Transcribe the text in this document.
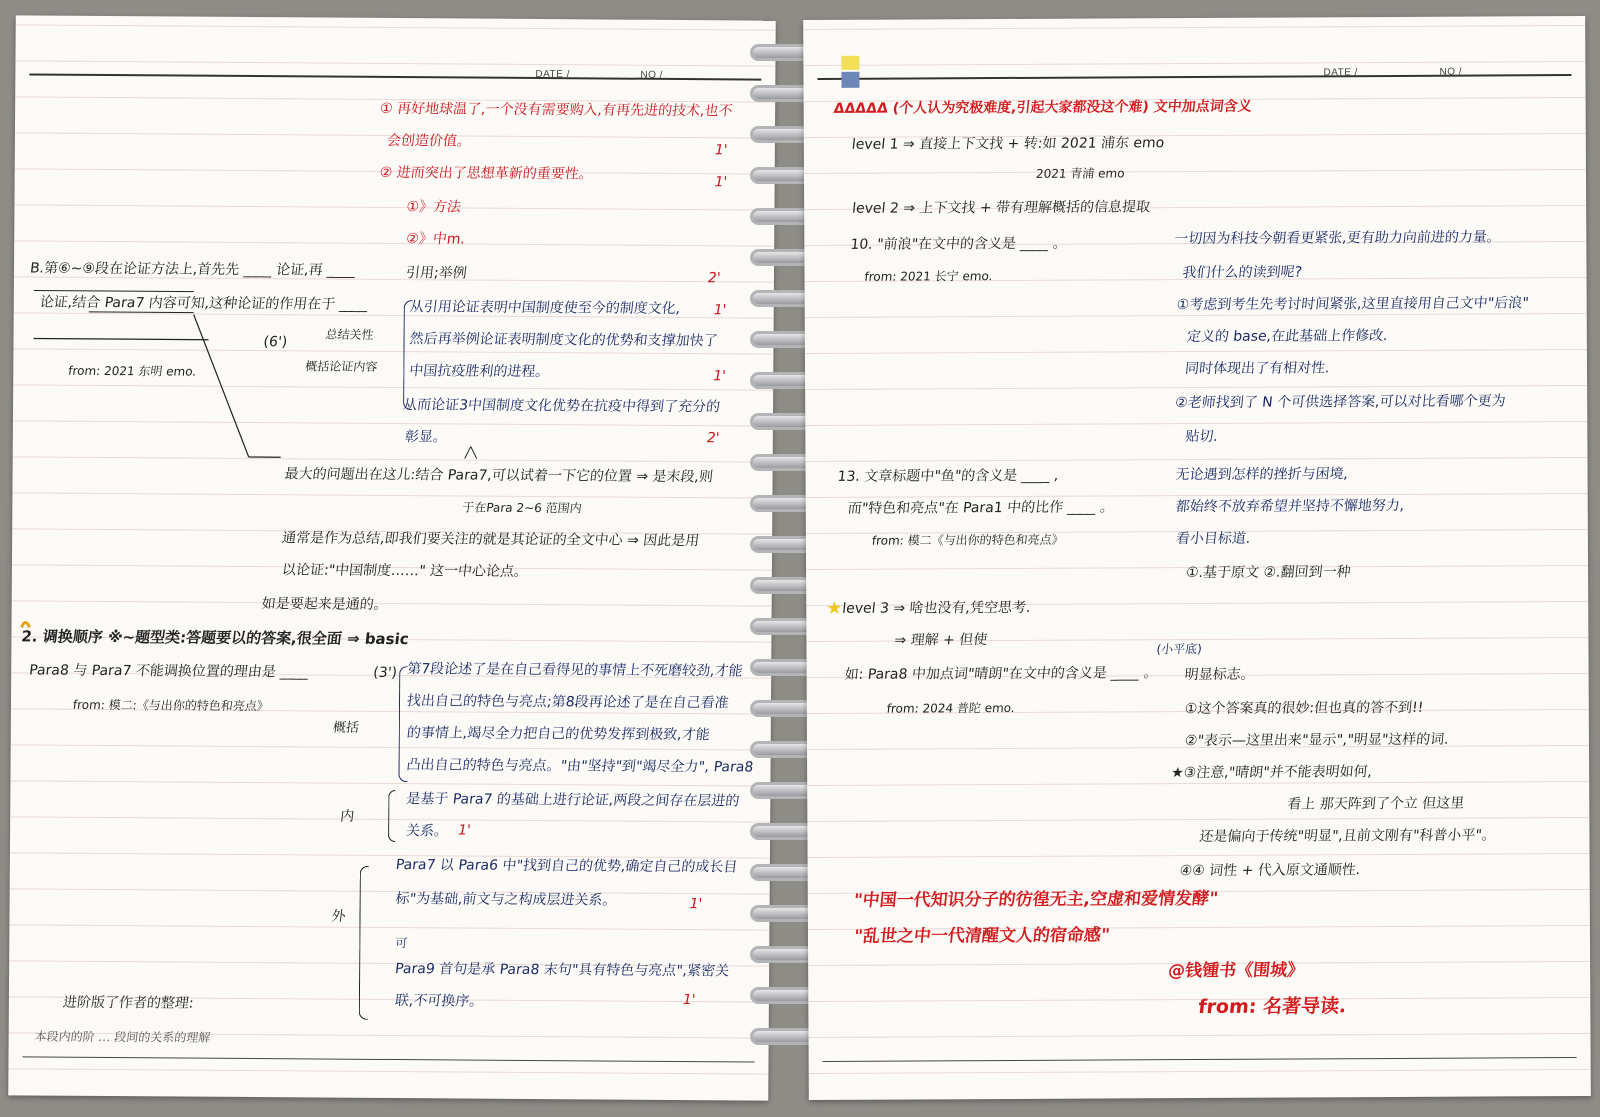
DATE /	NO /
① 再好地球温了,一个没有需要购入,有再先进的技术,也不
会创造价值。
1'
② 进而突出了思想革新的重要性。	1'
①》方法
②》中m.
B.第⑥~⑨段在论证方法上,首先先 ____ 论证,再 ____	引用;举例	2'
论证,结合 Para7 内容可知,这种论证的作用在于 ____	从引用论证表明中国制度使至今的制度文化, 1'
然后再举例论证表明制度文化的优势和支撑加快了
中国抗疫胜利的进程。	1'
从而论证3中国制度文化优势在抗疫中得到了充分的
彰显。	2'
总结关性
概括论证内容
(6')
from: 2021 东明 emo.
最大的问题出在这儿:结合 Para7,可以试着一下它的位置 ⇒ 是末段,则
于在Para 2~6 范围内
通常是作为总结,即我们要关注的就是其论证的全文中心 ⇒ 因此是用
以论证:"中国制度……" 这一中心论点。
如是要起来是通的。
2. 调换顺序 ※~题型类:答题要以的答案,很全面 ⇒ basic
Para8 与 Para7 不能调换位置的理由是 ____	(3') 第7段论述了是在自己看得见的事情上不死磨较劲,才能
找出自己的特色与亮点;第8段再论述了是在自己看准
的事情上,竭尽全力把自己的优势发挥到极致,才能
凸出自己的特色与亮点。"由"坚持"到"竭尽全力", Para8
是基于 Para7 的基础上进行论证,两段之间存在层进的
关系。 1'
from: 模二:《与出你的特色和亮点》
概括
内
外
Para7 以 Para6 中"找到自己的优势,确定自己的成长目
标"为基础,前文与之构成层进关系。	1'
可
Para9 首句是承 Para8 末句"具有特色与亮点",紧密关
联,不可换序。	1'
进阶版了作者的整理:
本段内的阶 … 段间的关系的理解
DATE /	NO /
ΔΔΔΔΔ (个人认为究极难度,引起大家都没这个难) 文中加点词含义
level 1 ⇒ 直接上下文找 + 转:如 2021 浦东 emo
2021 青浦 emo
level 2 ⇒ 上下文找 + 带有理解概括的信息提取
10. "前浪"在文中的含义是 ____ 。
from: 2021 长宁 emo.
一切因为科技今朝看更紧张,更有助力向前进的力量。
我们什么的读到呢?
①考虑到考生先考讨时间紧张,这里直接用自己文中"后浪"
定义的 base,在此基础上作修改.
同时体现出了有相对性.
②老师找到了 N 个可供选择答案,可以对比看哪个更为
贴切.
13. 文章标题中"鱼"的含义是 ____ ,
而"特色和亮点"在 Para1 中的比作 ____ 。
from: 模二《与出你的特色和亮点》
无论遇到怎样的挫折与困境,
都始终不放弃希望并坚持不懈地努力,
看小目标道.
①.基于原文 ②.翻回到一种
★ level 3 ⇒ 啥也没有,凭空思考.
⇒ 理解 + 但使
如: Para8 中加点词"晴朗"在文中的含义是 ____ 。
from: 2024 普陀 emo.
(小平底)
明显标志。
①这个答案真的很妙:但也真的答不到!!
②"表示—这里出来"显示","明显"这样的词.
★③注意,"晴朗"并不能表明如何,
看上 那天阵到了个立 但这里
还是偏向于传统"明显",且前文刚有"科普小平"。
④④ 词性 + 代入原文通顺性.
"中国一代知识分子的彷徨无主,空虚和爱情发酵"
"乱世之中一代清醒文人的宿命感"
@钱锺书《围城》
from: 名著导读.
